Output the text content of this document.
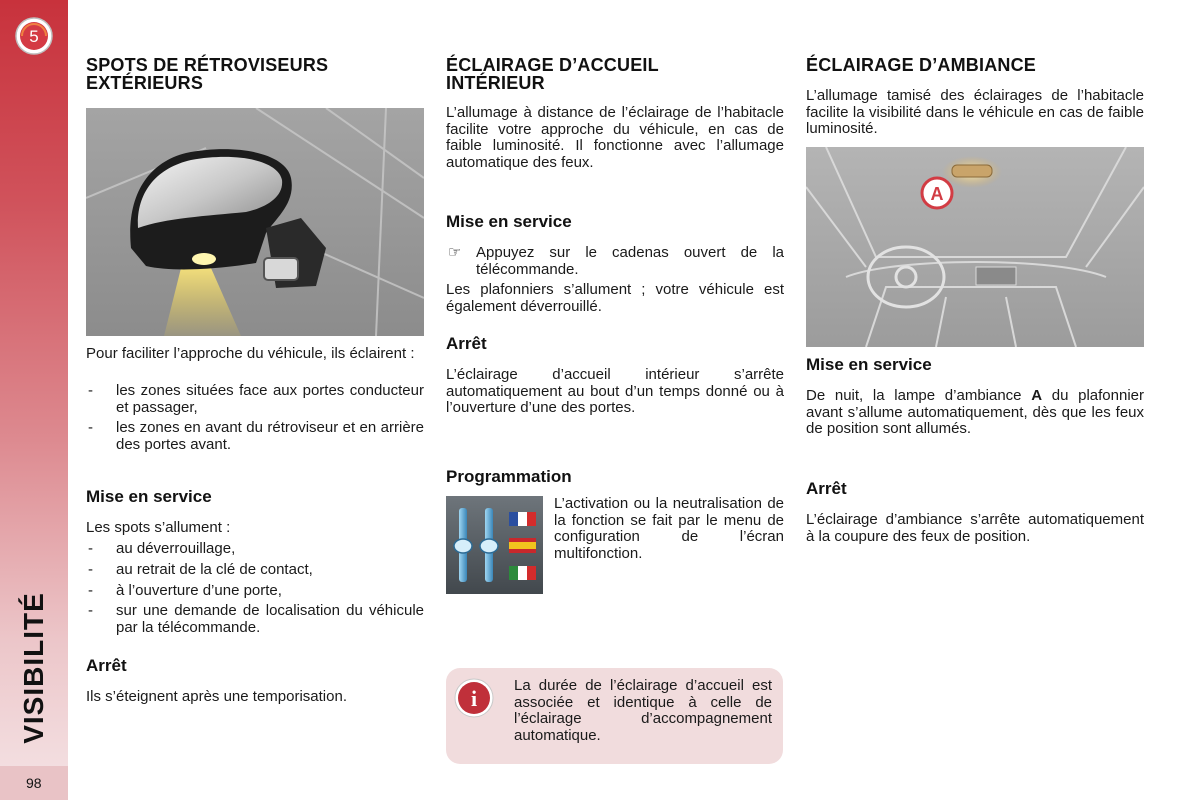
5
VISIBILITÉ
98
SPOTS DE RÉTROVISEURS
EXTÉRIEURS
Pour faciliter l’approche du véhicule, ils éclairent :
- les zones situées face aux portes conducteur et passager,
- les zones en avant du rétroviseur et en arrière des portes avant.
Mise en service
Les spots s’allument :
- au déverrouillage,
- au retrait de la clé de contact,
- à l’ouverture d’une porte,
- sur une demande de localisation du véhicule par la télécommande.
Arrêt
Ils s’éteignent après une temporisation.
ÉCLAIRAGE D’ACCUEIL
INTÉRIEUR
L’allumage à distance de l’éclairage de l’habitacle facilite votre approche du véhicule, en cas de faible luminosité. Il fonctionne avec l’allumage automatique des feux.
Mise en service
☞ Appuyez sur le cadenas ouvert de la télécommande.
Les plafonniers s’allument ; votre véhicule est également déverrouillé.
Arrêt
L’éclairage d’accueil intérieur s’arrête automatiquement au bout d’un temps donné ou à l’ouverture d’une des portes.
Programmation
L’activation ou la neutralisation de la fonction se fait par le menu de configuration de l’écran multifonction.
i
La durée de l’éclairage d’accueil est associée et identique à celle de l’éclairage d’accompagnement automatique.
ÉCLAIRAGE D’AMBIANCE
L’allumage tamisé des éclairages de l’habitacle facilite la visibilité dans le véhicule en cas de faible luminosité.
A
Mise en service
De nuit, la lampe d’ambiance A du plafonnier avant s’allume automatiquement, dès que les feux de position sont allumés.
Arrêt
L’éclairage d’ambiance s’arrête automatiquement à la coupure des feux de position.
